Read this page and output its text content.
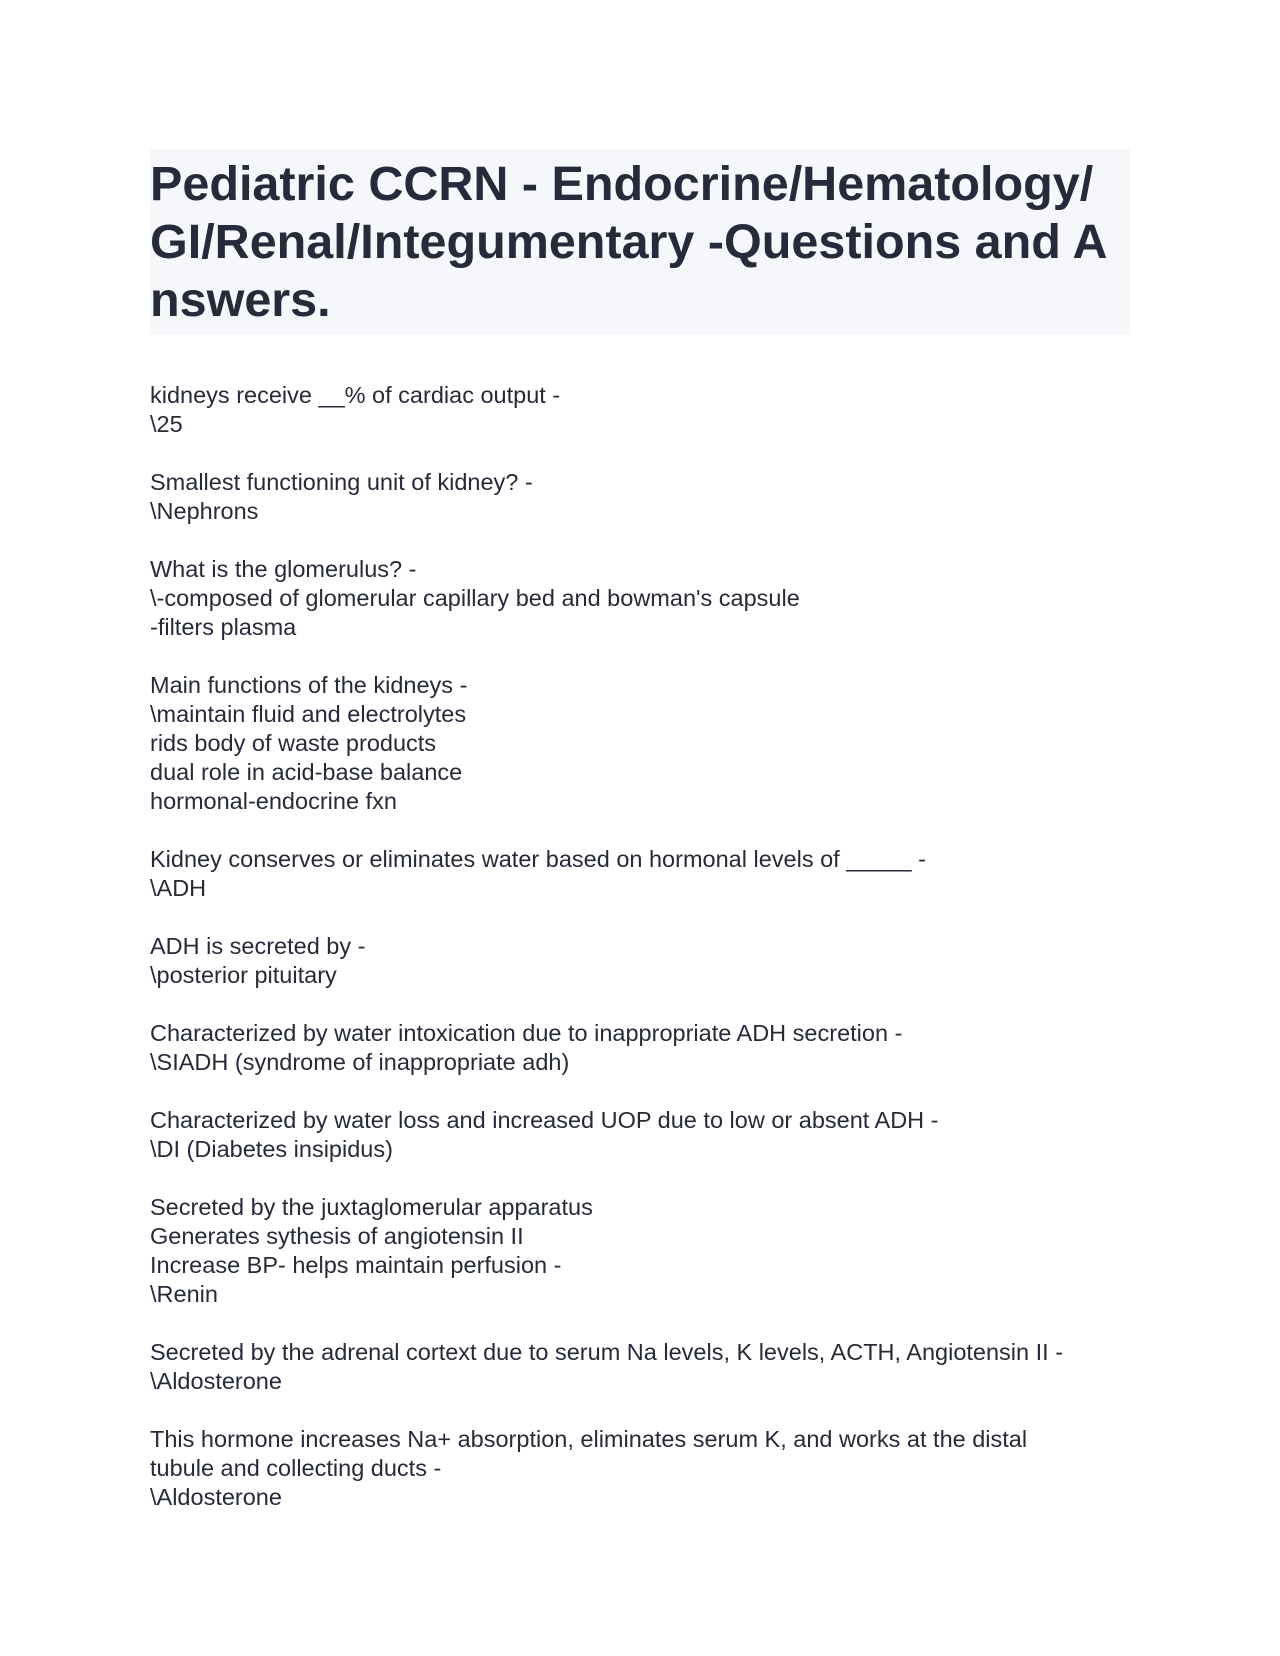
Pediatric CCRN - Endocrine/Hematology/GI/Renal/Integumentary -Questions and Answers.
kidneys receive __% of cardiac output -
\25
Smallest functioning unit of kidney? -
\Nephrons
What is the glomerulus? -
\-composed of glomerular capillary bed and bowman's capsule
-filters plasma
Main functions of the kidneys -
\maintain fluid and electrolytes
rids body of waste products
dual role in acid-base balance
hormonal-endocrine fxn
Kidney conserves or eliminates water based on hormonal levels of _____ -
\ADH
ADH is secreted by -
\posterior pituitary
Characterized by water intoxication due to inappropriate ADH secretion -
\SIADH (syndrome of inappropriate adh)
Characterized by water loss and increased UOP due to low or absent ADH -
\DI (Diabetes insipidus)
Secreted by the juxtaglomerular apparatus
Generates sythesis of angiotensin II
Increase BP- helps maintain perfusion -
\Renin
Secreted by the adrenal cortext due to serum Na levels, K levels, ACTH, Angiotensin II -
\Aldosterone
This hormone increases Na+ absorption, eliminates serum K, and works at the distal
tubule and collecting ducts -
\Aldosterone
